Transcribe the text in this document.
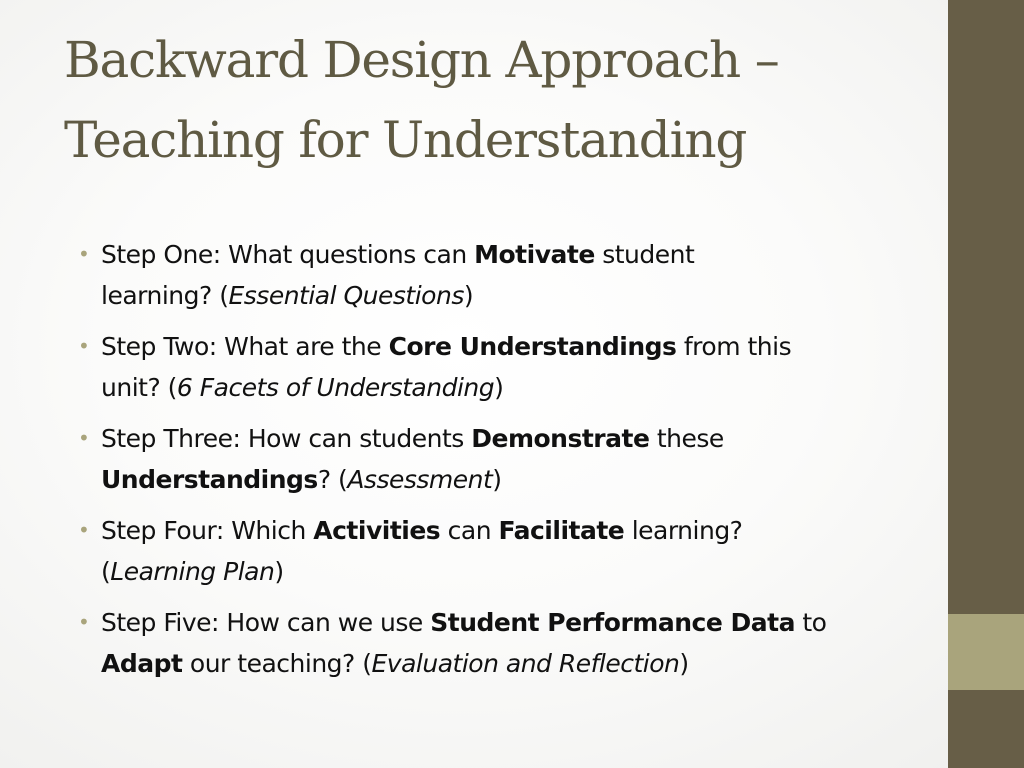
Backward Design Approach –
Teaching for Understanding
• Step One: What questions can Motivate student
learning? (Essential Questions)
• Step Two: What are the Core Understandings from this
unit? (6 Facets of Understanding)
• Step Three: How can students Demonstrate these
Understandings? (Assessment)
• Step Four: Which Activities can Facilitate learning?
(Learning Plan)
• Step Five: How can we use Student Performance Data to
Adapt our teaching? (Evaluation and Reflection)
